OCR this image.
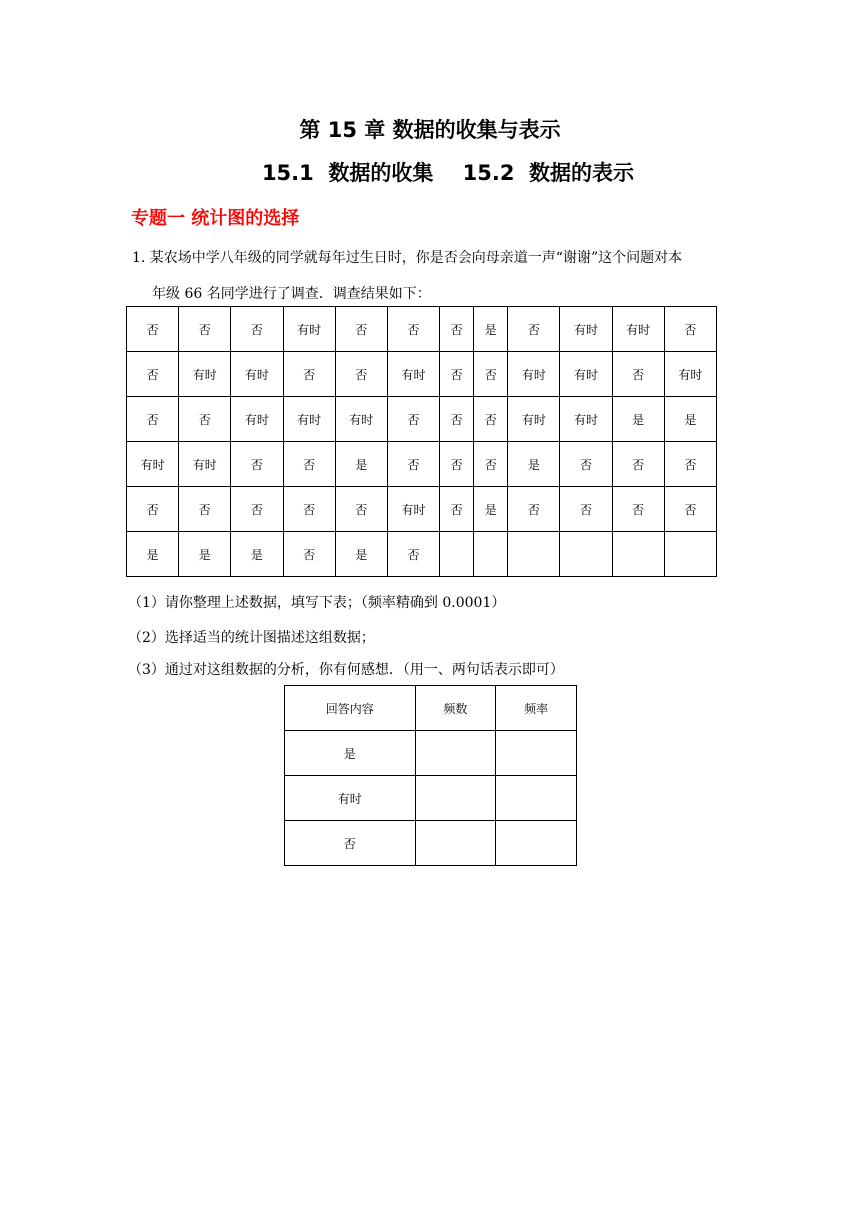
第 15 章 数据的收集与表示
15.1  数据的收集    15.2  数据的表示
专题一 统计图的选择
1. 某农场中学八年级的同学就每年过生日时，你是否会向母亲道一声“谢谢”这个问题对本
年级 66 名同学进行了调查．调查结果如下：
否	否	否	有时	否	否	否	是	否	有时	有时	否
否	有时	有时	否	否	有时	否	否	有时	有时	否	有时
否	否	有时	有时	有时	否	否	否	有时	有时	是	是
有时	有时	否	否	是	否	否	否	是	否	否	否
否	否	否	否	否	有时	否	是	否	否	否	否
是	是	是	否	是	否						
（1）请你整理上述数据，填写下表；（频率精确到 0.0001）
（2）选择适当的统计图描述这组数据；
（3）通过对这组数据的分析，你有何感想．（用一、两句话表示即可）
回答内容	频数	频率
是		
有时		
否		
